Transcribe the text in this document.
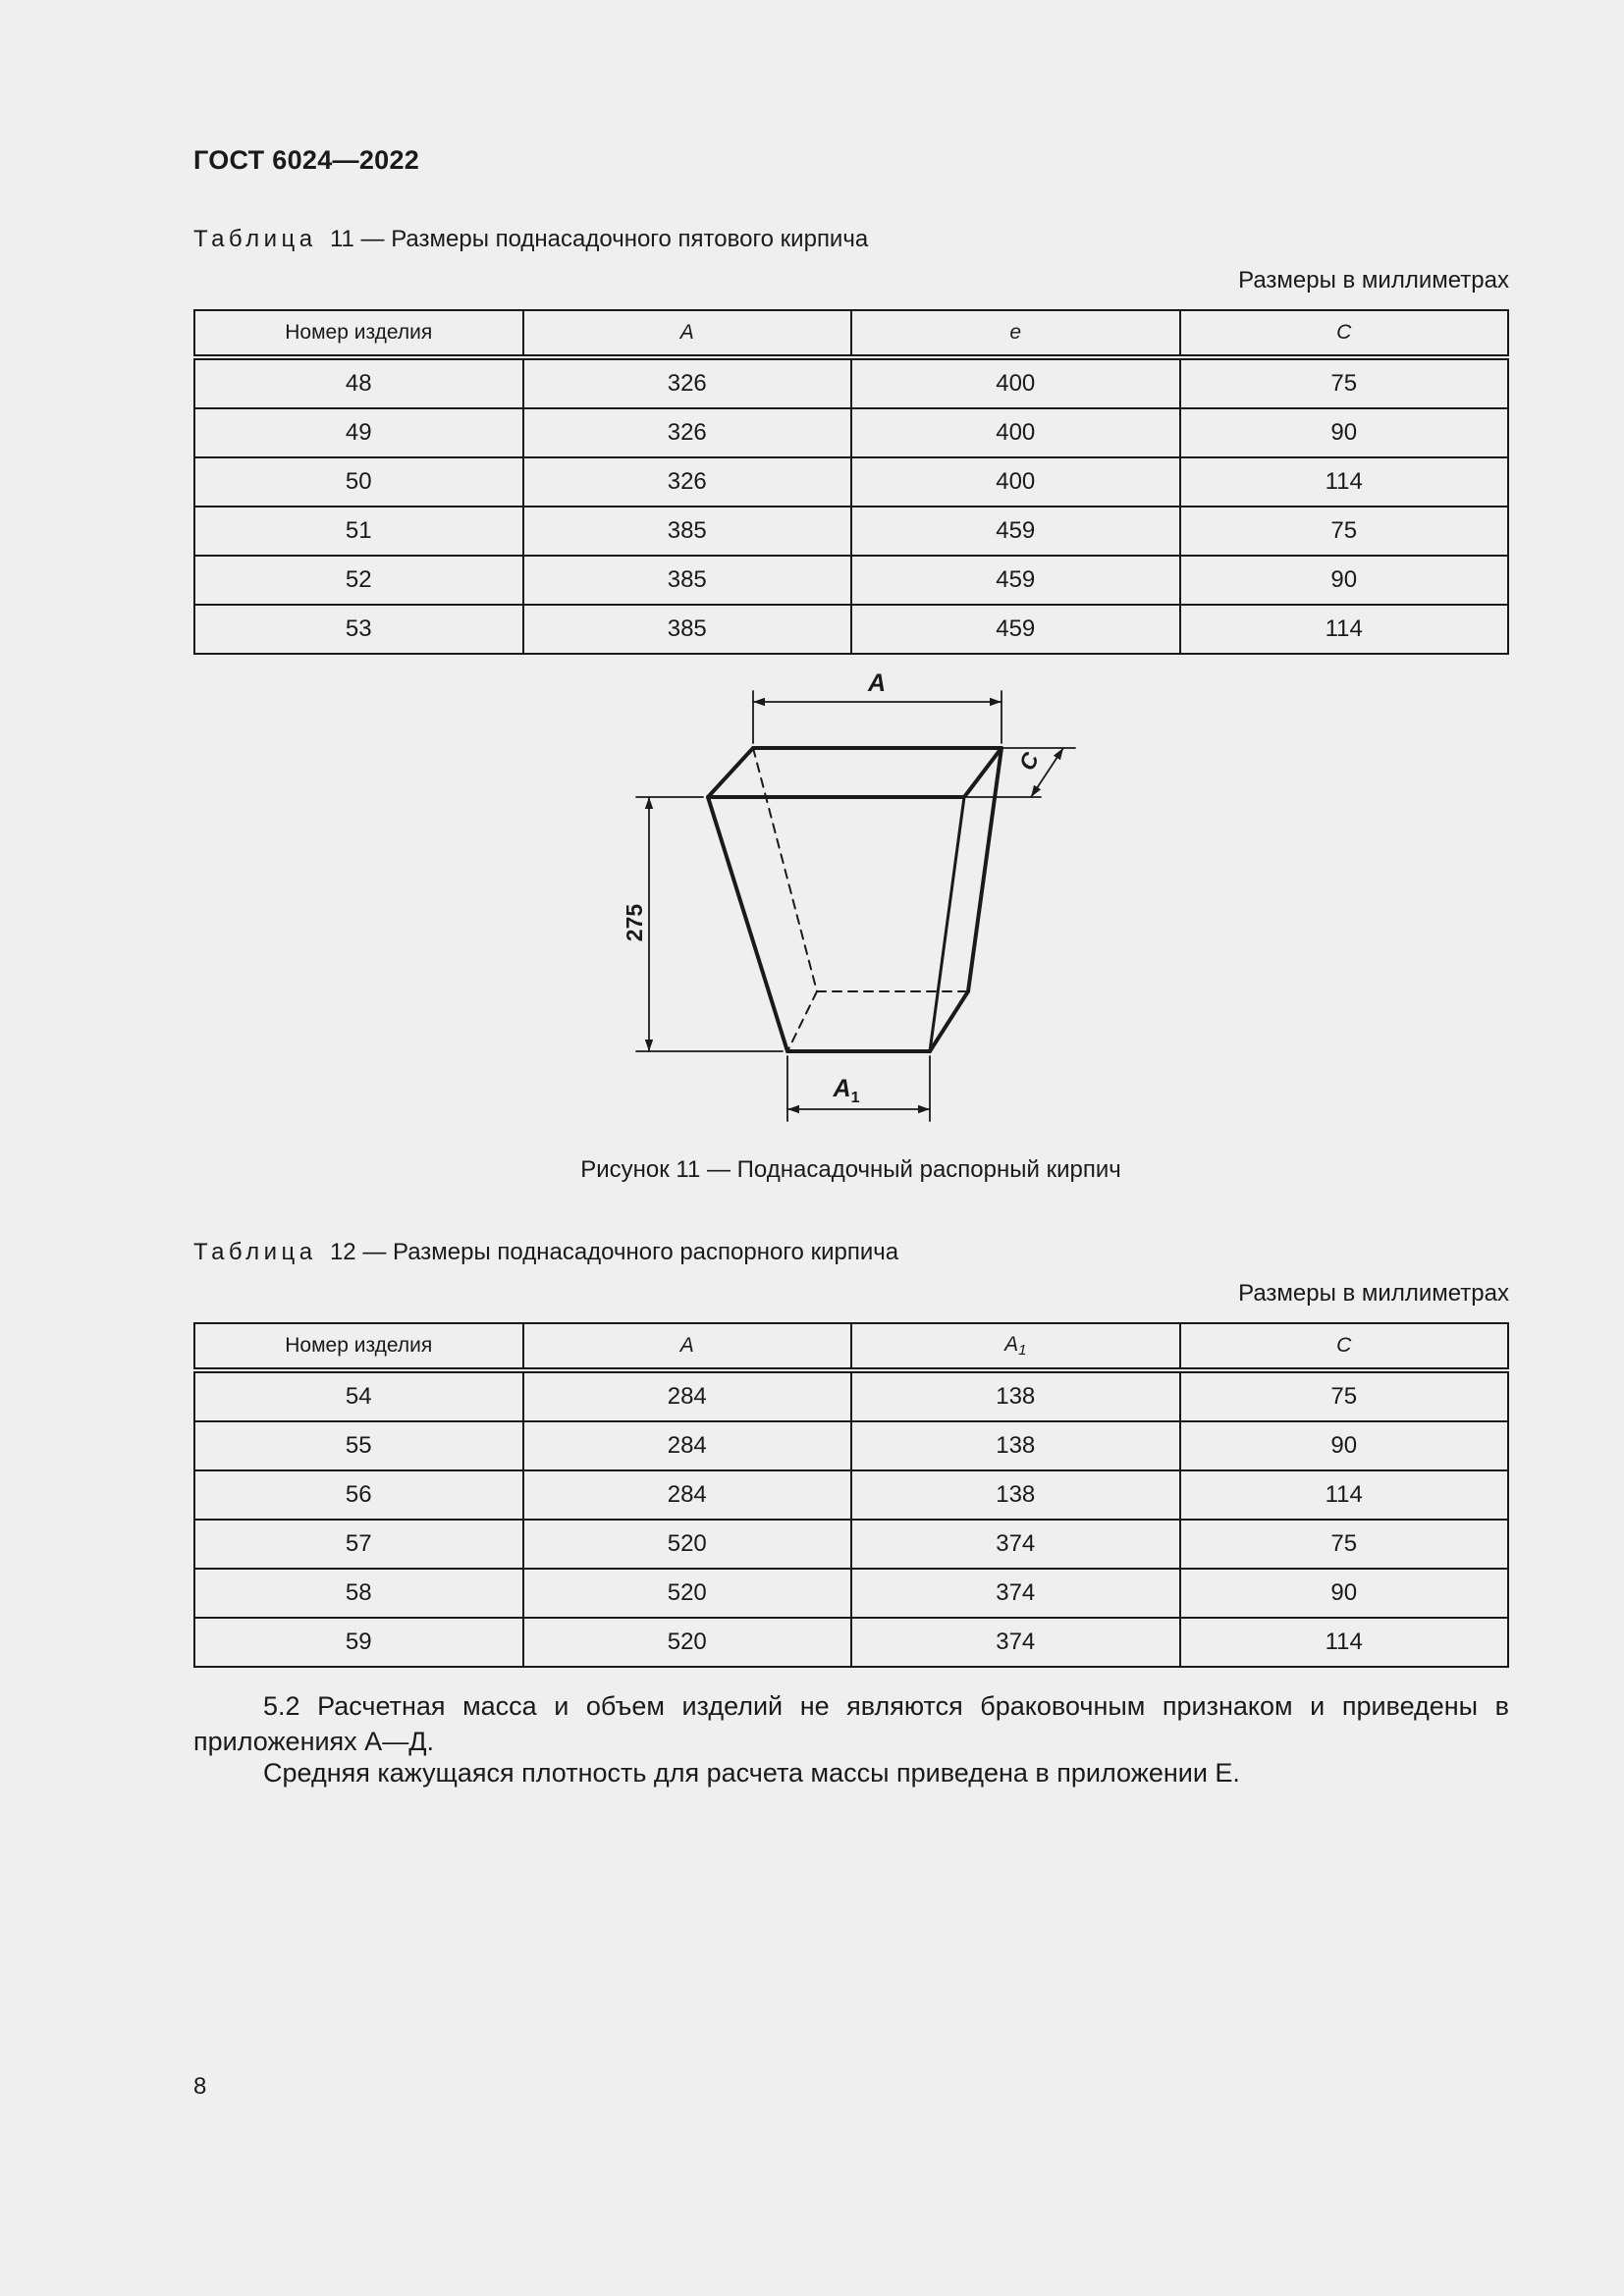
ГОСТ 6024—2022
Таблица 11 — Размеры поднасадочного пятового кирпича
Размеры в миллиметрах
Номер изделия	A	e	C
48	326	400	75
49	326	400	90
50	326	400	114
51	385	459	75
52	385	459	90
53	385	459	114
A
C
275
$A_1$
Рисунок 11 — Поднасадочный распорный кирпич
Таблица 12 — Размеры поднасадочного распорного кирпича
Размеры в миллиметрах
Номер изделия	A	$A_1$	C
54	284	138	75
55	284	138	90
56	284	138	114
57	520	374	75
58	520	374	90
59	520	374	114
5.2 Расчетная масса и объем изделий не являются браковочным признаком и приведены в приложениях А—Д.
Средняя кажущаяся плотность для расчета массы приведена в приложении Е.
8
